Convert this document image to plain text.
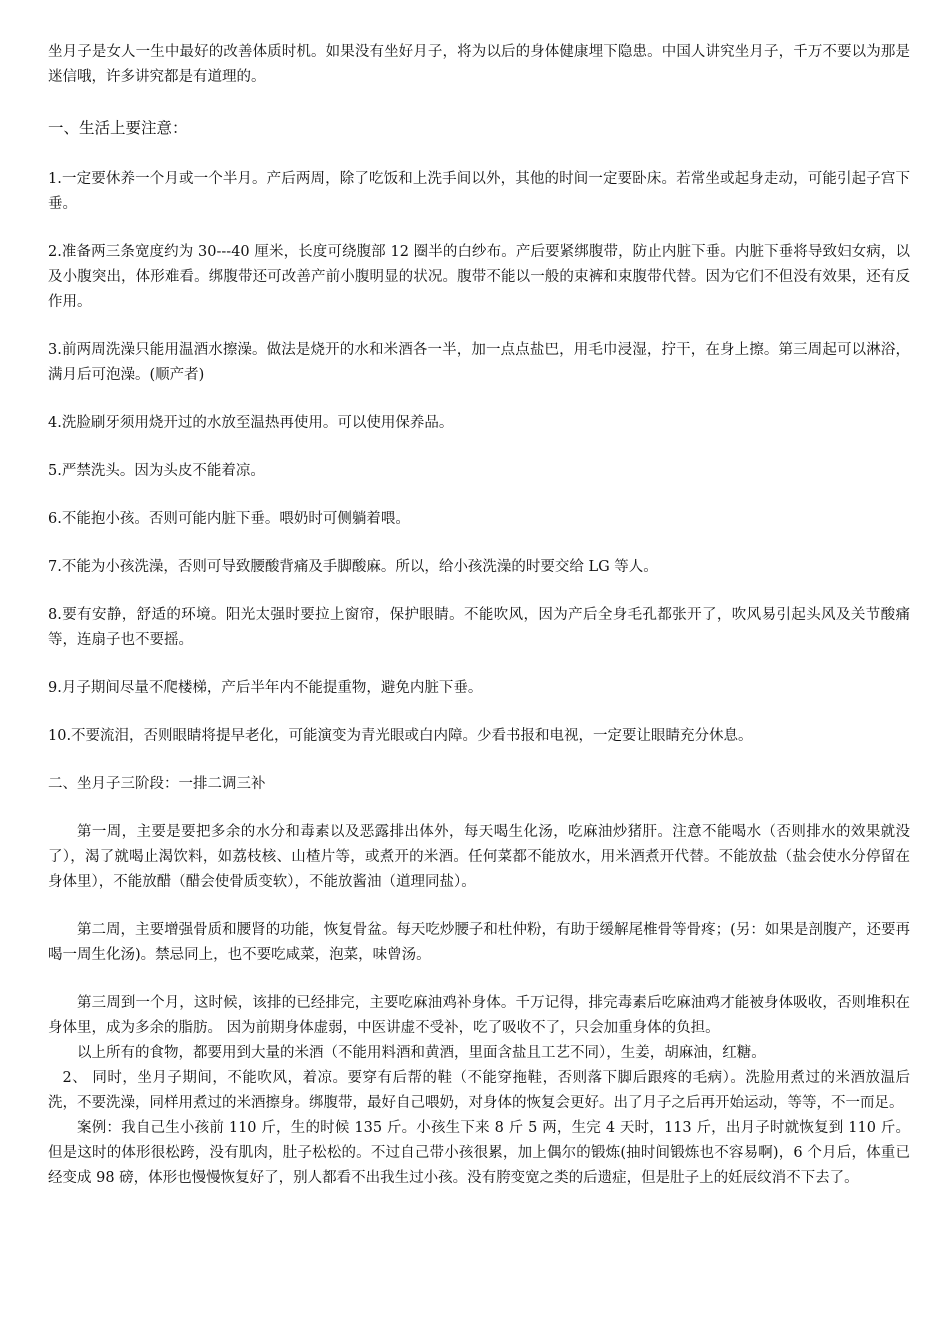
坐月子是女人一生中最好的改善体质时机。如果没有坐好月子，将为以后的身体健康埋下隐患。中国人讲究坐月子，千万不要以为那是迷信哦，许多讲究都是有道理的。

一、生活上要注意：

1.一定要休养一个月或一个半月。产后两周，除了吃饭和上洗手间以外，其他的时间一定要卧床。若常坐或起身走动，可能引起子宫下垂。

2.准备两三条宽度约为 30---40 厘米，长度可绕腹部 12 圈半的白纱布。产后要紧绑腹带，防止内脏下垂。内脏下垂将导致妇女病，以及小腹突出，体形难看。绑腹带还可改善产前小腹明显的状况。腹带不能以一般的束裤和束腹带代替。因为它们不但没有效果，还有反作用。

3.前两周洗澡只能用温酒水擦澡。做法是烧开的水和米酒各一半，加一点点盐巴，用毛巾浸湿，拧干，在身上擦。第三周起可以淋浴，满月后可泡澡。(顺产者)

4.洗脸刷牙须用烧开过的水放至温热再使用。可以使用保养品。

5.严禁洗头。因为头皮不能着凉。

6.不能抱小孩。否则可能内脏下垂。喂奶时可侧躺着喂。

7.不能为小孩洗澡，否则可导致腰酸背痛及手脚酸麻。所以，给小孩洗澡的时要交给 LG 等人。

8.要有安静，舒适的环境。阳光太强时要拉上窗帘，保护眼睛。不能吹风，因为产后全身毛孔都张开了，吹风易引起头风及关节酸痛等，连扇子也不要摇。

9.月子期间尽量不爬楼梯，产后半年内不能提重物，避免内脏下垂。

10.不要流泪，否则眼睛将提早老化，可能演变为青光眼或白内障。少看书报和电视，一定要让眼睛充分休息。

二、坐月子三阶段：一排二调三补

第一周，主要是要把多余的水分和毒素以及恶露排出体外，每天喝生化汤，吃麻油炒猪肝。注意不能喝水（否则排水的效果就没了），渴了就喝止渴饮料，如荔枝核、山楂片等，或煮开的米酒。任何菜都不能放水，用米酒煮开代替。不能放盐（盐会使水分停留在身体里），不能放醋（醋会使骨质变软），不能放酱油（道理同盐）。

第二周，主要增强骨质和腰肾的功能，恢复骨盆。每天吃炒腰子和杜仲粉，有助于缓解尾椎骨等骨疼；(另：如果是剖腹产，还要再喝一周生化汤)。禁忌同上，也不要吃咸菜，泡菜，味曾汤。

第三周到一个月，这时候，该排的已经排完，主要吃麻油鸡补身体。千万记得，排完毒素后吃麻油鸡才能被身体吸收，否则堆积在身体里，成为多余的脂肪。 因为前期身体虚弱，中医讲虚不受补，吃了吸收不了，只会加重身体的负担。

以上所有的食物，都要用到大量的米酒（不能用料酒和黄酒，里面含盐且工艺不同），生姜，胡麻油，红糖。

2、 同时，坐月子期间，不能吹风，着凉。要穿有后帮的鞋（不能穿拖鞋，否则落下脚后跟疼的毛病）。洗脸用煮过的米酒放温后洗，不要洗澡，同样用煮过的米酒擦身。绑腹带，最好自己喂奶，对身体的恢复会更好。出了月子之后再开始运动，等等，不一而足。

案例：我自己生小孩前 110 斤，生的时候 135 斤。小孩生下来 8 斤 5 两，生完 4 天时，113 斤，出月子时就恢复到 110 斤。但是这时的体形很松跨，没有肌肉，肚子松松的。不过自己带小孩很累，加上偶尔的锻炼(抽时间锻炼也不容易啊)，6 个月后，体重已经变成 98 磅，体形也慢慢恢复好了，别人都看不出我生过小孩。没有胯变宽之类的后遗症，但是肚子上的妊辰纹消不下去了。
